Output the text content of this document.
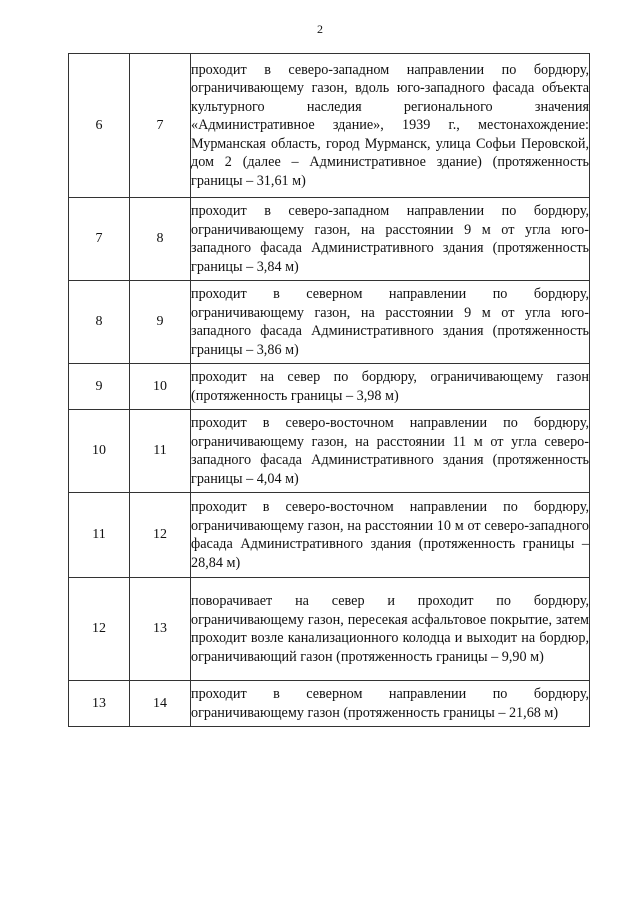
2
6	7	проходит в северо-западном направлении по бордюру, ограничивающему газон, вдоль юго-западного фасада объекта культурного наследия регионального значения «Административное здание», 1939 г., местонахождение: Мурманская область, город Мурманск, улица Софьи Перовской, дом 2 (далее – Административное здание) (протяженность границы – 31,61 м)
7	8	проходит в северо-западном направлении по бордюру, ограничивающему газон, на расстоянии 9 м от угла юго-западного фасада Административного здания (протяженность границы – 3,84 м)
8	9	проходит в северном направлении по бордюру, ограничивающему газон, на расстоянии 9 м от угла юго-западного фасада Административного здания (протяженность границы – 3,86 м)
9	10	проходит на север по бордюру, ограничивающему газон (протяженность границы – 3,98 м)
10	11	проходит в северо-восточном направлении по бордюру, ограничивающему газон, на расстоянии 11 м от угла северо-западного фасада Административного здания (протяженность границы – 4,04 м)
11	12	проходит в северо-восточном направлении по бордюру, ограничивающему газон, на расстоянии 10 м от северо-западного фасада Административного здания (протяженность границы – 28,84 м)
12	13	поворачивает на север и проходит по бордюру, ограничивающему газон, пересекая асфальтовое покрытие, затем проходит возле канализационного колодца и выходит на бордюр, ограничивающий газон (протяженность границы – 9,90 м)
13	14	проходит в северном направлении по бордюру, ограничивающему газон (протяженность границы – 21,68 м)
